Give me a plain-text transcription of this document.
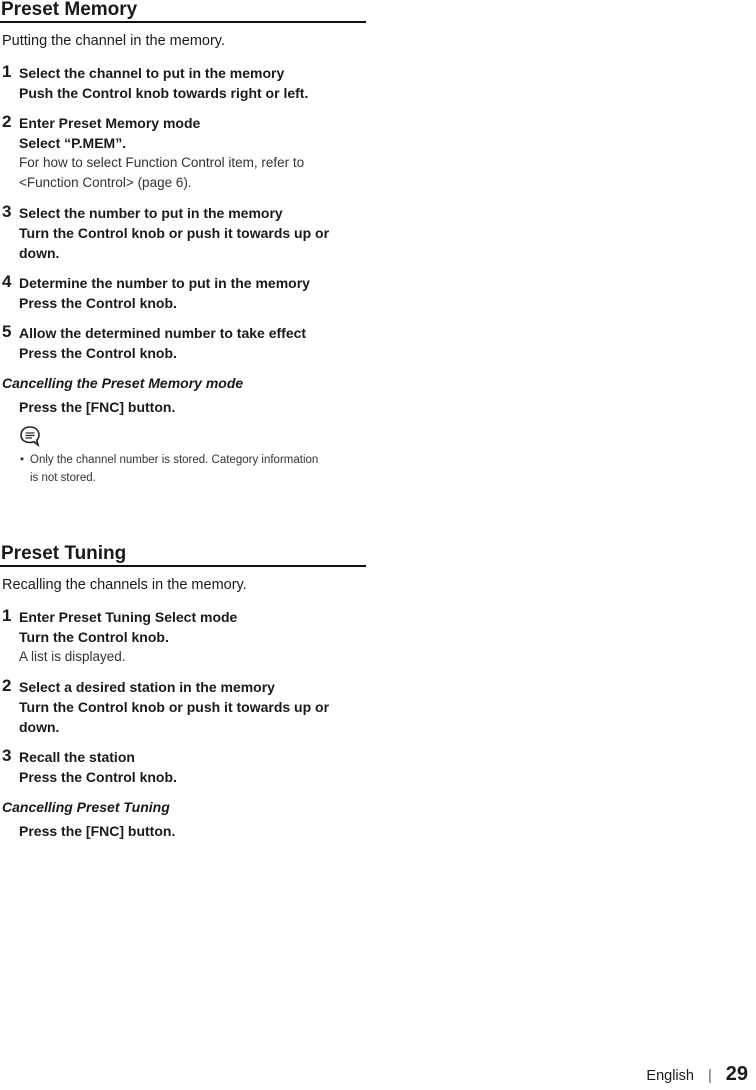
Preset Memory
Putting the channel in the memory.
1 Select the channel to put in the memory
Push the Control knob towards right or left.
2 Enter Preset Memory mode
Select “P.MEM”.
For how to select Function Control item, refer to
<Function Control> (page 6).
3 Select the number to put in the memory
Turn the Control knob or push it towards up or
down.
4 Determine the number to put in the memory
Press the Control knob.
5 Allow the determined number to take effect
Press the Control knob.
Cancelling the Preset Memory mode
Press the [FNC] button.
• Only the channel number is stored. Category information
is not stored.
Preset Tuning
Recalling the channels in the memory.
1 Enter Preset Tuning Select mode
Turn the Control knob.
A list is displayed.
2 Select a desired station in the memory
Turn the Control knob or push it towards up or
down.
3 Recall the station
Press the Control knob.
Cancelling Preset Tuning
Press the [FNC] button.
English | 29
